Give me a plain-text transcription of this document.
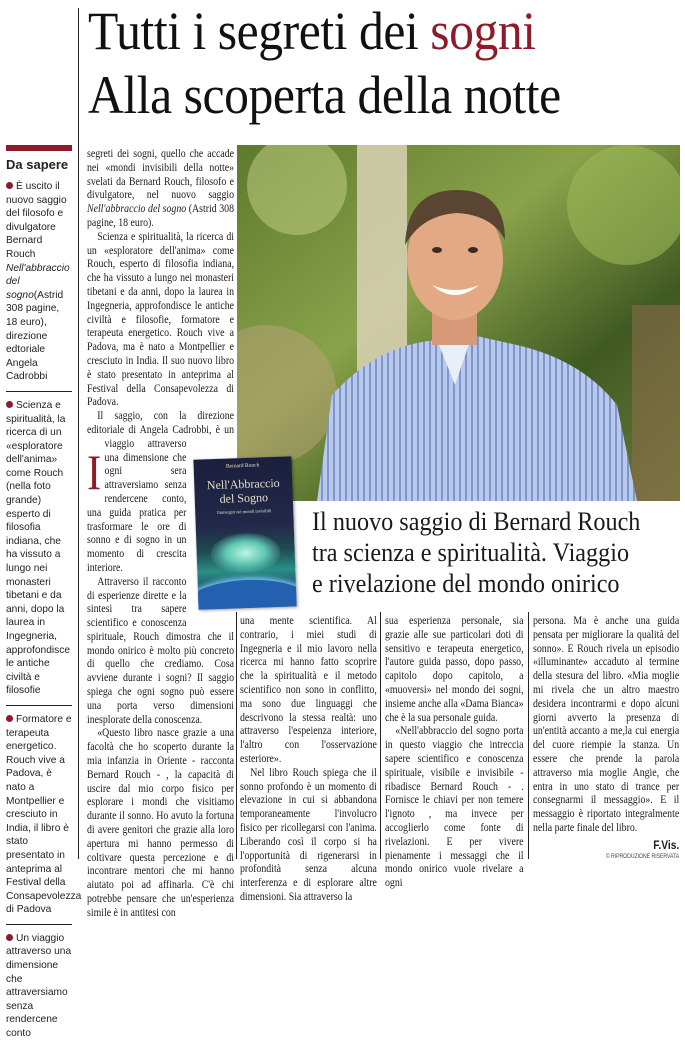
Tutti i segreti dei sogni
Alla scoperta della notte
Da sapere
È uscito il nuovo saggio del filosofo e divulgatore Bernard Rouch Nell'abbraccio del sogno(Astrid 308 pagine, 18 euro), direzione edtoriale Angela Cadrobbi
Scienza e spiritualità, la ricerca di un «esploratore dell'anima» come Rouch (nella foto grande) esperto di filosofia indiana, che ha vissuto a lungo nei monasteri tibetani e da anni, dopo la laurea in Ingegneria, approfondisce le antiche civiltà e filosofie
Formatore e terapeuta energetico. Rouch vive a Padova, è nato a Montpellier e cresciuto in India, il libro è stato presentato in anteprima al Festival della Consapevolezza di Padova
Un viaggio attraverso una dimensione che attraversiamo senza rendercene conto

I
segreti dei sogni, quello che accade nei «mondi invisibili della notte» svelati da Bernard Rouch, filosofo e divulgatore, nel nuovo saggio Nell'abbraccio del sogno (Astrid 308 pagine, 18 euro).

Scienza e spiritualità, la ricerca di un «esploratore dell'anima» come Rouch, esperto di filosofia indiana, che ha vissuto a lungo nei monasteri tibetani e da anni, dopo la laurea in Ingegneria, approfondisce le antiche civiltà e filosofie, formatore e terapeuta energetico. Rouch vive a Padova, ma è nato a Montpellier e cresciuto in India. Il suo nuovo libro è stato presentato in anteprima al Festival della Consapevolezza di Padova.

Il saggio, con la direzione editoriale di Angela Cadrobbi, è un viaggio attraverso una dimensione che ogni sera attraversiamo senza rendercene conto, una guida pratica per trasformare le ore di sonno e di sogno in un momento di crescita interiore.

Attraverso il racconto di esperienze dirette e la sintesi tra sapere scientifico e conoscenza spirituale, Rouch dimostra che il mondo onirico è molto più concreto di quello che crediamo. Cosa avviene durante i sogni? Il saggio spiega che ogni sogno può essere una porta verso dimensioni inesplorate della conoscenza.

«Questo libro nasce grazie a una facoltà che ho scoperto durante la mia infanzia in Oriente - racconta Bernard Rouch - , la capacità di uscire dal mio corpo fisico per esplorare i mondi che visitiamo durante il sonno. Ho avuto la fortuna di avere genitori che grazie alla loro apertura mi hanno permesso di coltivare questa percezione e di incontrare mentori che mi hanno aiutato poi ad affinarla. C'è chi potrebbe pensare che un'esperienza simile è in antitesi con

Bernard Rouch
Nell'Abbraccio
del Sogno
Immergiti nei mondi invisibili	Il nuovo saggio di Bernard Rouch
tra scienza e spiritualità. Viaggio
e rivelazione del mondo onirico

una mente scientifica. Al contrario, i miei studi di Ingegneria e il mio lavoro nella ricerca mi hanno fatto scoprire che la spiritualità e il metodo scientifico non sono in conflitto, ma sono due linguaggi che descrivono la stessa realtà: uno attraverso l'espeienza interiore, l'altro con l'osservazione esteriore».

Nel libro Rouch spiega che il sonno profondo è un momento di elevazione in cui si abbandona temporaneamente l'involucro fisico per ricollegarsi con l'anima. Liberando così il corpo si ha l'opportunità di rigenerarsi in profondità senza alcuna interferenza e di esplorare altre dimensioni. Sia attraverso la

sua esperienza personale, sia grazie alle sue particolari doti di sensitivo e terapeuta energetico, l'autore guida passo, dopo passo, capitolo dopo capitolo, a «muoversi» nel mondo dei sogni, insieme anche alla «Dama Bianca» che è la sua personale guida.

«Nell'abbraccio del sogno porta in questo viaggio che intreccia sapere scientifico e conoscenza spirituale, visibile e invisibile - ribadisce Bernard Rouch - . Fornisce le chiavi per non temere l'ignoto , ma invece per accoglierlo come fonte di rivelazioni. E per vivere pienamente i messaggi che il mondo onirico vuole rivelare a ogni

persona. Ma è anche una guida pensata per migliorare la qualità del sonno». E Rouch rivela un episodio «illuminante» accaduto al termine della stesura del libro. «Mia moglie mi rivela che un altro maestro desidera incontrarmi e dopo alcuni giorni avverto la presenza di un'entità accanto a me,la cui energia del cuore riempie la stanza. Un essere che prende la parola attraverso mia moglie Angie, che entra in uno stato di trance per consegnarmi il messaggio». E il messaggio è riportato integralmente nella parte finale del libro.

F.Vis.
© RIPRODUZIONE RISERVATA
